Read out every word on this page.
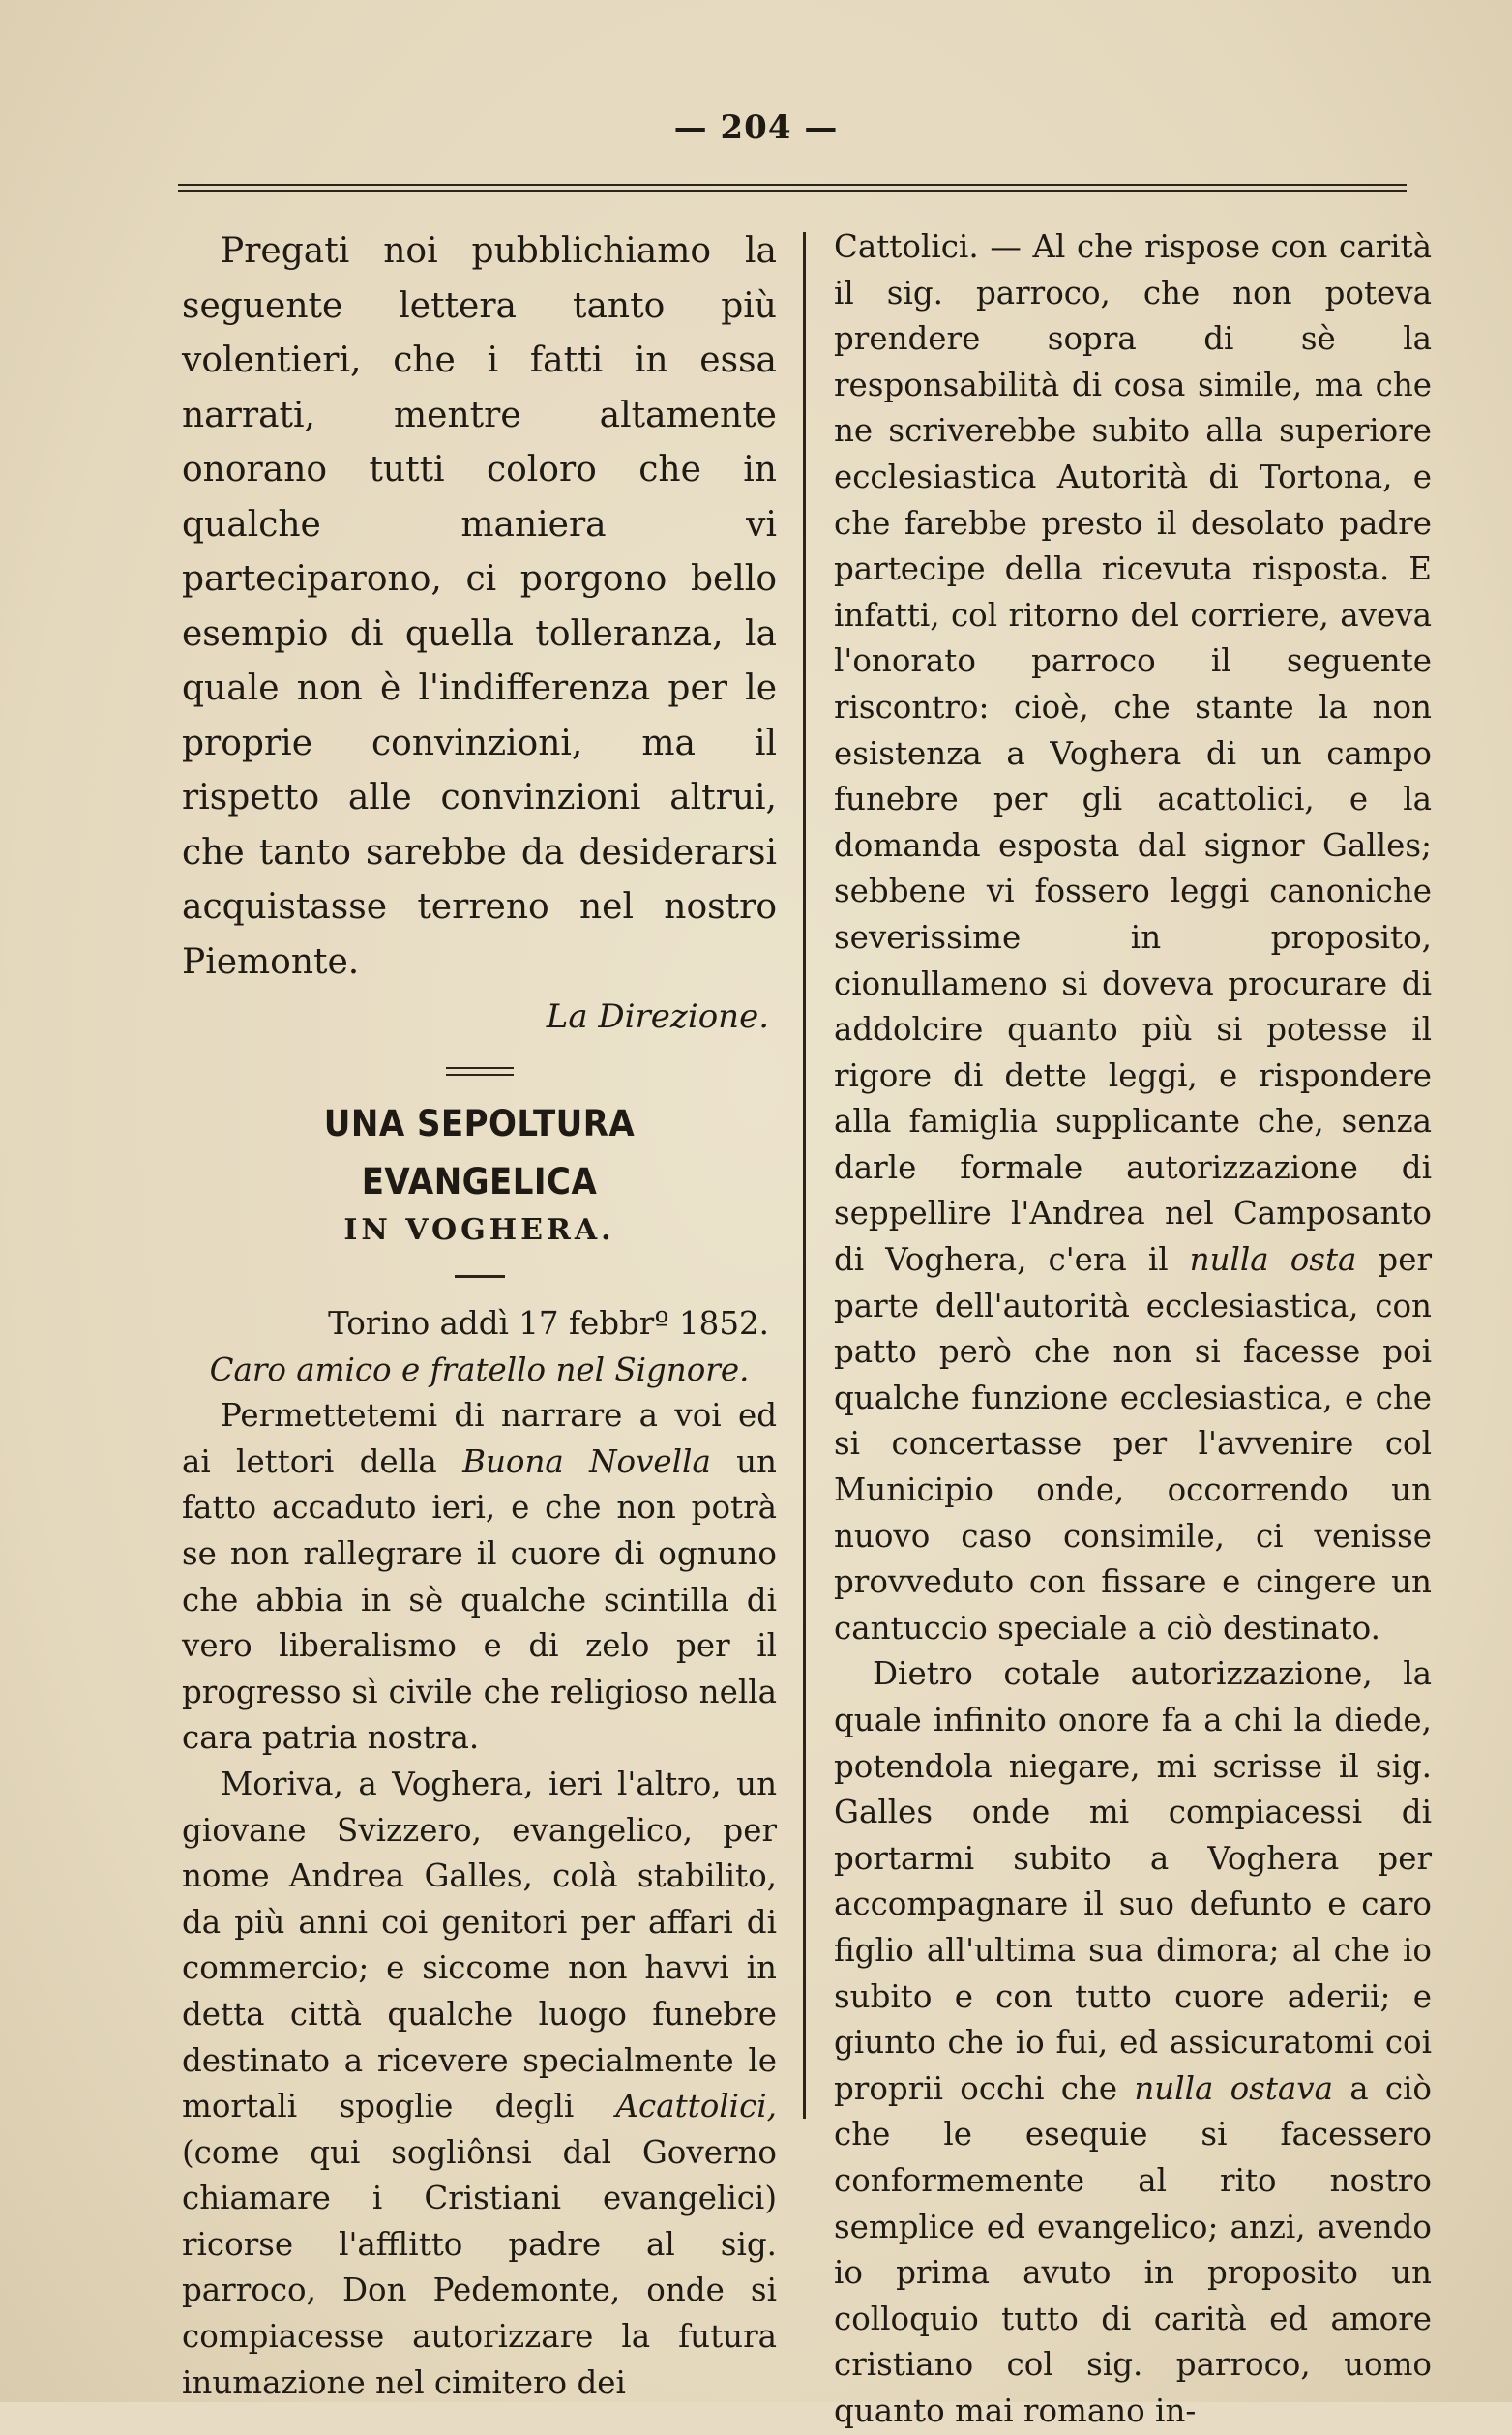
— 204 —

Pregati noi pubblichiamo la seguente lettera tanto più volentieri, che i fatti in essa narrati, mentre altamente onorano tutti coloro che in qualche maniera vi parteciparono, ci porgono bello esempio di quella tolleranza, la quale non è l'indifferenza per le proprie convinzioni, ma il rispetto alle convinzioni altrui, che tanto sarebbe da desiderarsi acquistasse terreno nel nostro Piemonte.

La Direzione.

UNA SEPOLTURA EVANGELICA
IN VOGHERA.

Torino addì 17 febbrº 1852.

Caro amico e fratello nel Signore.

Permettetemi di narrare a voi ed ai lettori della Buona Novella un fatto accaduto ieri, e che non potrà se non rallegrare il cuore di ognuno che abbia in sè qualche scintilla di vero liberalismo e di zelo per il progresso sì civile che religioso nella cara patria nostra.

Moriva, a Voghera, ieri l'altro, un giovane Svizzero, evangelico, per nome Andrea Galles, colà stabilito, da più anni coi genitori per affari di commercio; e siccome non havvi in detta città qualche luogo funebre destinato a ricevere specialmente le mortali spoglie degli Acattolici, (come qui sogliônsi dal Governo chiamare i Cristiani evangelici) ricorse l'afflitto padre al sig. parroco, Don Pedemonte, onde si compiacesse autorizzare la futura inumazione nel cimitero dei

Cattolici. — Al che rispose con carità il sig. parroco, che non poteva prendere sopra di sè la responsabilità di cosa simile, ma che ne scriverebbe subito alla superiore ecclesiastica Autorità di Tortona, e che farebbe presto il desolato padre partecipe della ricevuta risposta. E infatti, col ritorno del corriere, aveva l'onorato parroco il seguente riscontro: cioè, che stante la non esistenza a Voghera di un campo funebre per gli acattolici, e la domanda esposta dal signor Galles; sebbene vi fossero leggi canoniche severissime in proposito, cionullameno si doveva procurare di addolcire quanto più si potesse il rigore di dette leggi, e rispondere alla famiglia supplicante che, senza darle formale autorizzazione di seppellire l'Andrea nel Camposanto di Voghera, c'era il nulla osta per parte dell'autorità ecclesiastica, con patto però che non si facesse poi qualche funzione ecclesiastica, e che si concertasse per l'avvenire col Municipio onde, occorrendo un nuovo caso consimile, ci venisse provveduto con fissare e cingere un cantuccio speciale a ciò destinato.

Dietro cotale autorizzazione, la quale infinito onore fa a chi la diede, potendola niegare, mi scrisse il sig. Galles onde mi compiacessi di portarmi subito a Voghera per accompagnare il suo defunto e caro figlio all'ultima sua dimora; al che io subito e con tutto cuore aderii; e giunto che io fui, ed assicuratomi coi proprii occhi che nulla ostava a ciò che le esequie si facessero conformemente al rito nostro semplice ed evangelico; anzi, avendo io prima avuto in proposito un colloquio tutto di carità ed amore cristiano col sig. parroco, uomo quanto mai romano in-
